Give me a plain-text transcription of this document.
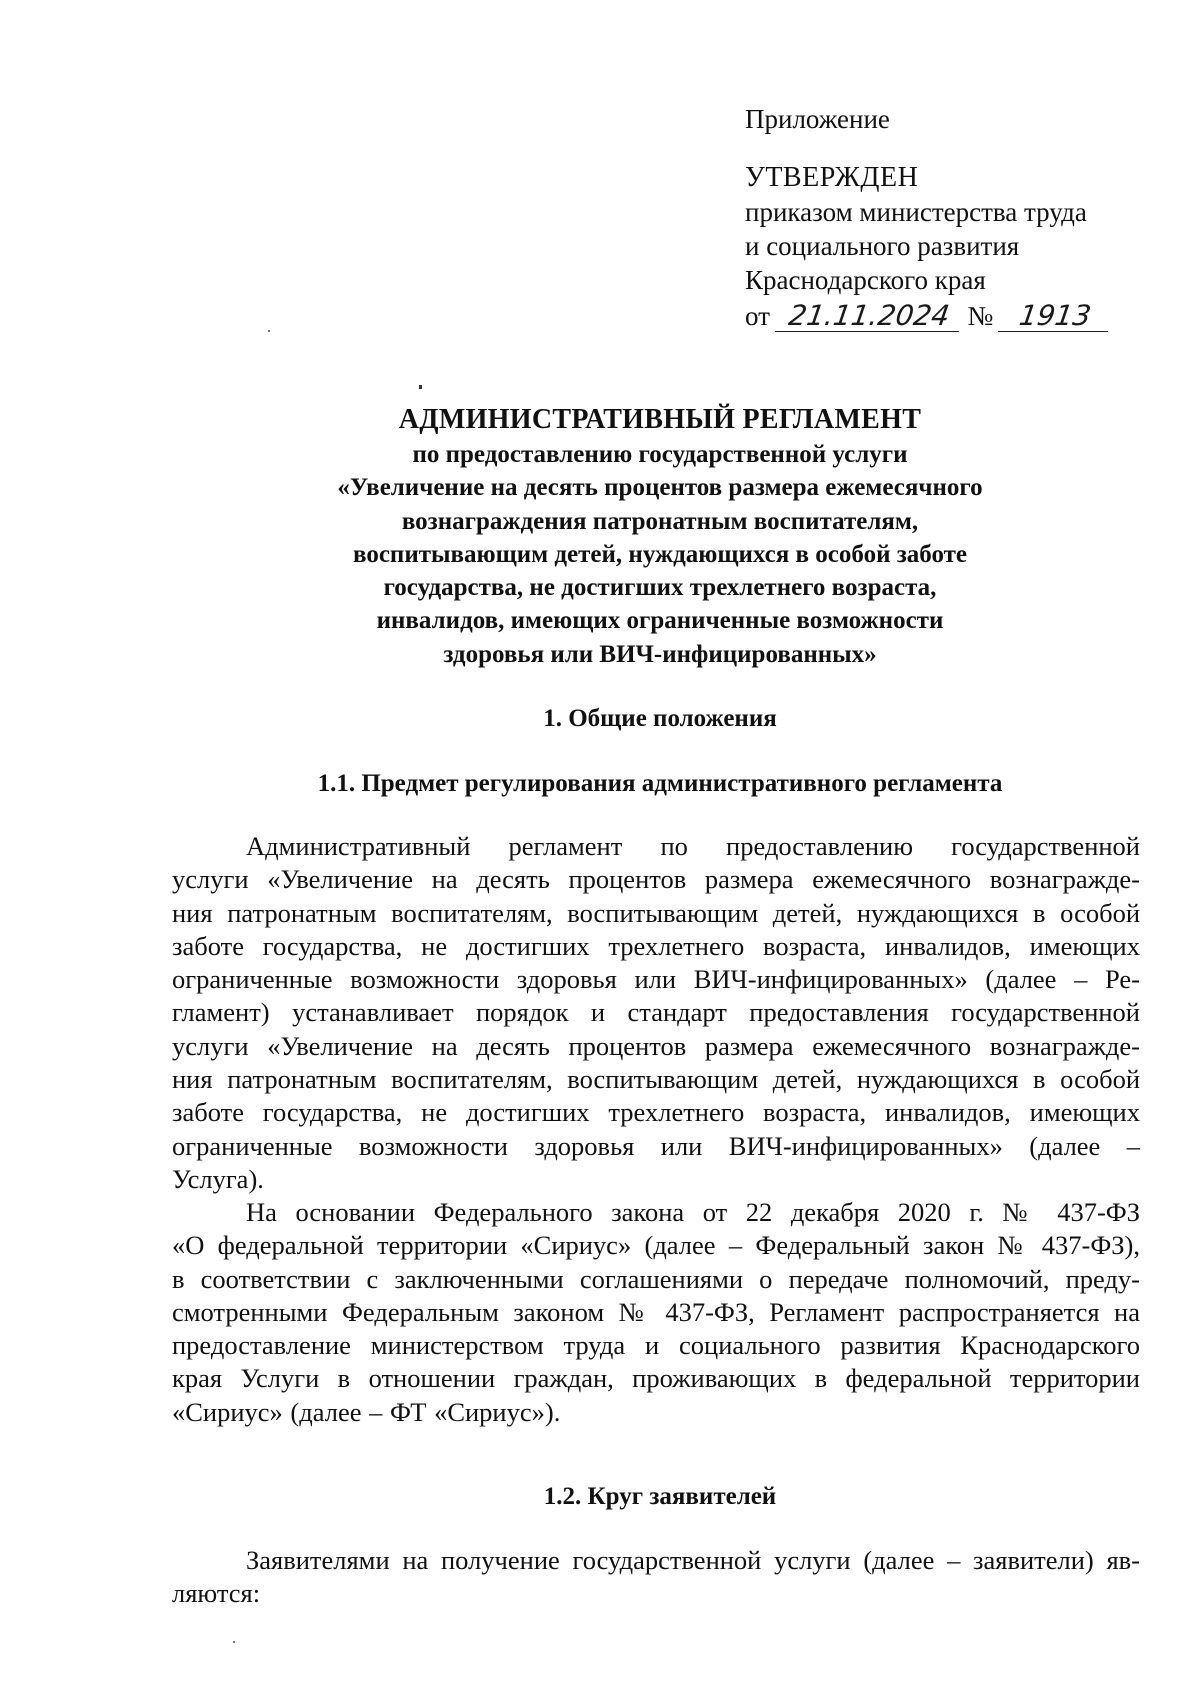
Приложение
УТВЕРЖДЕН
приказом министерства труда
и социального развития
Краснодарского края
от 21.11.2024 № 1913
АДМИНИСТРАТИВНЫЙ РЕГЛАМЕНТ
по предоставлению государственной услуги
«Увеличение на десять процентов размера ежемесячного
вознаграждения патронатным воспитателям,
воспитывающим детей, нуждающихся в особой заботе
государства, не достигших трехлетнего возраста,
инвалидов, имеющих ограниченные возможности
здоровья или ВИЧ-инфицированных»
1. Общие положения
1.1. Предмет регулирования административного регламента
Административный регламент по предоставлению государственной
услуги «Увеличение на десять процентов размера ежемесячного вознагражде-
ния патронатным воспитателям, воспитывающим детей, нуждающихся в особой
заботе государства, не достигших трехлетнего возраста, инвалидов, имеющих
ограниченные возможности здоровья или ВИЧ-инфицированных» (далее – Ре-
гламент) устанавливает порядок и стандарт предоставления государственной
услуги «Увеличение на десять процентов размера ежемесячного вознагражде-
ния патронатным воспитателям, воспитывающим детей, нуждающихся в особой
заботе государства, не достигших трехлетнего возраста, инвалидов, имеющих
ограниченные возможности здоровья или ВИЧ-инфицированных» (далее –
Услуга).
На основании Федерального закона от 22 декабря 2020 г. № 437-ФЗ
«О федеральной территории «Сириус» (далее – Федеральный закон № 437-ФЗ),
в соответствии с заключенными соглашениями о передаче полномочий, преду-
смотренными Федеральным законом № 437-ФЗ, Регламент распространяется на
предоставление министерством труда и социального развития Краснодарского
края Услуги в отношении граждан, проживающих в федеральной территории
«Сириус» (далее – ФТ «Сириус»).
1.2. Круг заявителей
Заявителями на получение государственной услуги (далее – заявители) яв-
ляются:
